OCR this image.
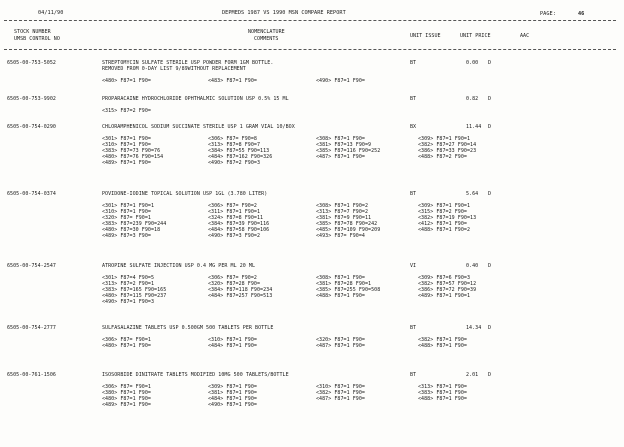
04/11/90	DEPMEDS 1987 VS 1990 MSN COMPARE REPORT	PAGE:	46
STOCK NUMBER
UMSB CONTROL NO
NOMENCLATURE
COMMENTS	UNIT ISSUE	UNIT PRICE	AAC
6505-00-753-5052	STREPTOMYCIN SULFATE STERILE USP POWDER FORM 1GM BOTTLE.	BT	0.00 D
REMOVED FROM 0-DAY LIST 9/89WITHOUT REPLACEMENT
<480> F87=1 F90=	<483> F87=1 F90=	<490> F87=1 F90=
6505-00-753-9902	PROPARACAINE HYDROCHLORIDE OPHTHALMIC SOLUTION USP 0.5% 15 ML	BT	0.82 D
<315> F87=2 F90=
6505-00-754-0290	CHLORAMPHENICOL SODIUM SUCCINATE STERILE USP 1 GRAM VIAL 10/BOX	BX	11.44 D
<301> F87=1 F90=	<306> F87= F90=8	<308> F87=1 F90=	<309> F87=1 F90=1
<310> F87=1 F90=	<313> F87=8 F90=7	<381> F87=13 F90=9	<382> F87=27 F90=14
<383> F87=73 F90=76	<384> F87=55 F90=113	<385> F87=116 F90=252	<386> F87=33 F90=23
<480> F87=76 F90=154	<484> F87=162 F90=326	<487> F87=1 F90=	<488> F87=2 F90=
<489> F87=1 F90=	<490> F87=2 F90=3
6505-00-754-0374	POVIDONE-IODINE TOPICAL SOLUTION USP 1GL (3.780 LITER)	BT	5.64 D
<301> F87=1 F90=1	<306> F87= F90=2	<308> F87=1 F90=2	<309> F87=1 F90=1
<310> F87=1 F90=	<311> F87=1 F90=1	<313> F87=7 F90=2	<315> F87=2 F90=
<320> F87= F90=1	<324> F87=8 F90=11	<381> F87=9 F90=11	<382> F87=19 F90=13
<383> F87=239 F90=244	<384> F87=39 F90=116	<385> F87=78 F90=242	<412> F87=1 F90=
<480> F87=30 F90=18	<484> F87=58 F90=106	<485> F87=109 F90=209	<488> F87=1 F90=2
<489> F87=3 F90=	<490> F87=3 F90=2	<493> F87= F90=4
6505-00-754-2547	ATROPINE SULFATE INJECTION USP 0.4 MG PER ML 20 ML	VI	0.40 D
<301> F87=4 F90=5	<306> F87= F90=2	<308> F87=1 F90=	<309> F87=6 F90=3
<313> F87=2 F90=1	<320> F87=28 F90=	<381> F87=28 F90=1	<382> F87=57 F90=12
<383> F87=165 F90=165	<384> F87=118 F90=234	<385> F87=255 F90=508	<386> F87=72 F90=39
<480> F87=115 F90=237	<484> F87=257 F90=513	<488> F87=1 F90=	<489> F87=1 F90=1
<490> F87=1 F90=3
6505-00-754-2777	SULFASALAZINE TABLETS USP 0.500GM 500 TABLETS PER BOTTLE	BT	14.34 D
<306> F87= F90=1	<310> F87=1 F90=	<320> F87=1 F90=	<382> F87=1 F90=
<480> F87=1 F90=	<484> F87=1 F90=	<487> F87=1 F90=	<488> F87=1 F90=
6505-00-761-1506	ISOSORBIDE DINITRATE TABLETS MODIFIED 10MG 500 TABLETS/BOTTLE	BT	2.01 D
<306> F87= F90=1	<309> F87=1 F90=	<310> F87=1 F90=	<313> F87=1 F90=
<380> F87=1 F90=	<381> F87=1 F90=	<382> F87=1 F90=	<383> F87=1 F90=
<480> F87=1 F90=	<484> F87=1 F90=	<487> F87=1 F90=	<488> F87=1 F90=
<489> F87=1 F90=	<490> F87=1 F90=
